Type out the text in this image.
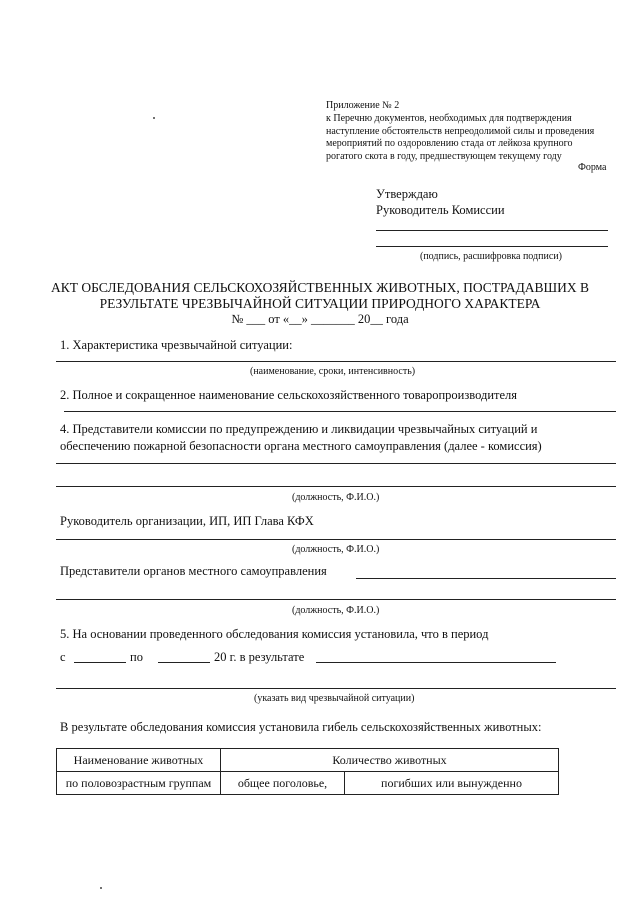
Приложение № 2
к Перечню документов, необходимых для подтверждения
наступление обстоятельств непреодолимой силы и проведения
мероприятий по оздоровлению стада от лейкоза крупного
рогатого скота в году, предшествующем текущему году
Форма
Утверждаю
Руководитель Комиссии
(подпись, расшифровка подписи)
АКТ ОБСЛЕДОВАНИЯ СЕЛЬСКОХОЗЯЙСТВЕННЫХ ЖИВОТНЫХ, ПОСТРАДАВШИХ В
РЕЗУЛЬТАТЕ ЧРЕЗВЫЧАЙНОЙ СИТУАЦИИ ПРИРОДНОГО ХАРАКТЕРА
№ ___ от «__» _______ 20__ года
1. Характеристика чрезвычайной ситуации:
(наименование, сроки, интенсивность)
2. Полное и сокращенное наименование сельскохозяйственного товаропроизводителя
4. Представители комиссии по предупреждению и ликвидации чрезвычайных ситуаций и
обеспечению пожарной безопасности органа местного самоуправления (далее - комиссия)
(должность, Ф.И.О.)
Руководитель организации, ИП, ИП Глава КФХ
(должность, Ф.И.О.)
Представители органов местного самоуправления
(должность, Ф.И.О.)
5. На основании проведенного обследования комиссия установила, что в период
с	по	20 г. в результате
(указать вид чрезвычайной ситуации)
В результате обследования комиссия установила гибель сельскохозяйственных животных:
Наименование животных	Количество животных	
по половозрастным группам	общее поголовье,	погибших или вынужденно
